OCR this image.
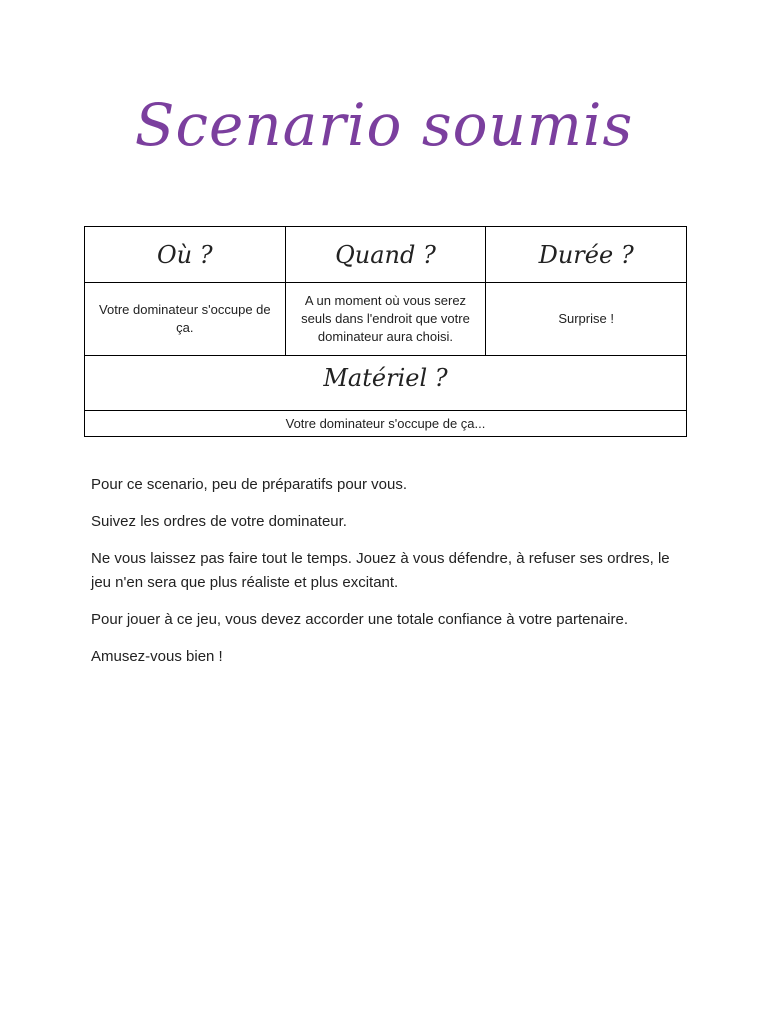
Scenario soumis
Où ?	Quand ?	Durée ?
Votre dominateur s'occupe de ça.	A un moment où vous serez seuls dans l'endroit que votre dominateur aura choisi.	Surprise !
Matériel ?		
Votre dominateur s'occupe de ça...		

Pour ce scenario, peu de préparatifs pour vous.

Suivez les ordres de votre dominateur.

Ne vous laissez pas faire tout le temps. Jouez à vous défendre, à refuser ses ordres, le jeu n'en sera que plus réaliste et plus excitant.

Pour jouer à ce jeu, vous devez accorder une totale confiance à votre partenaire.

Amusez-vous bien !
